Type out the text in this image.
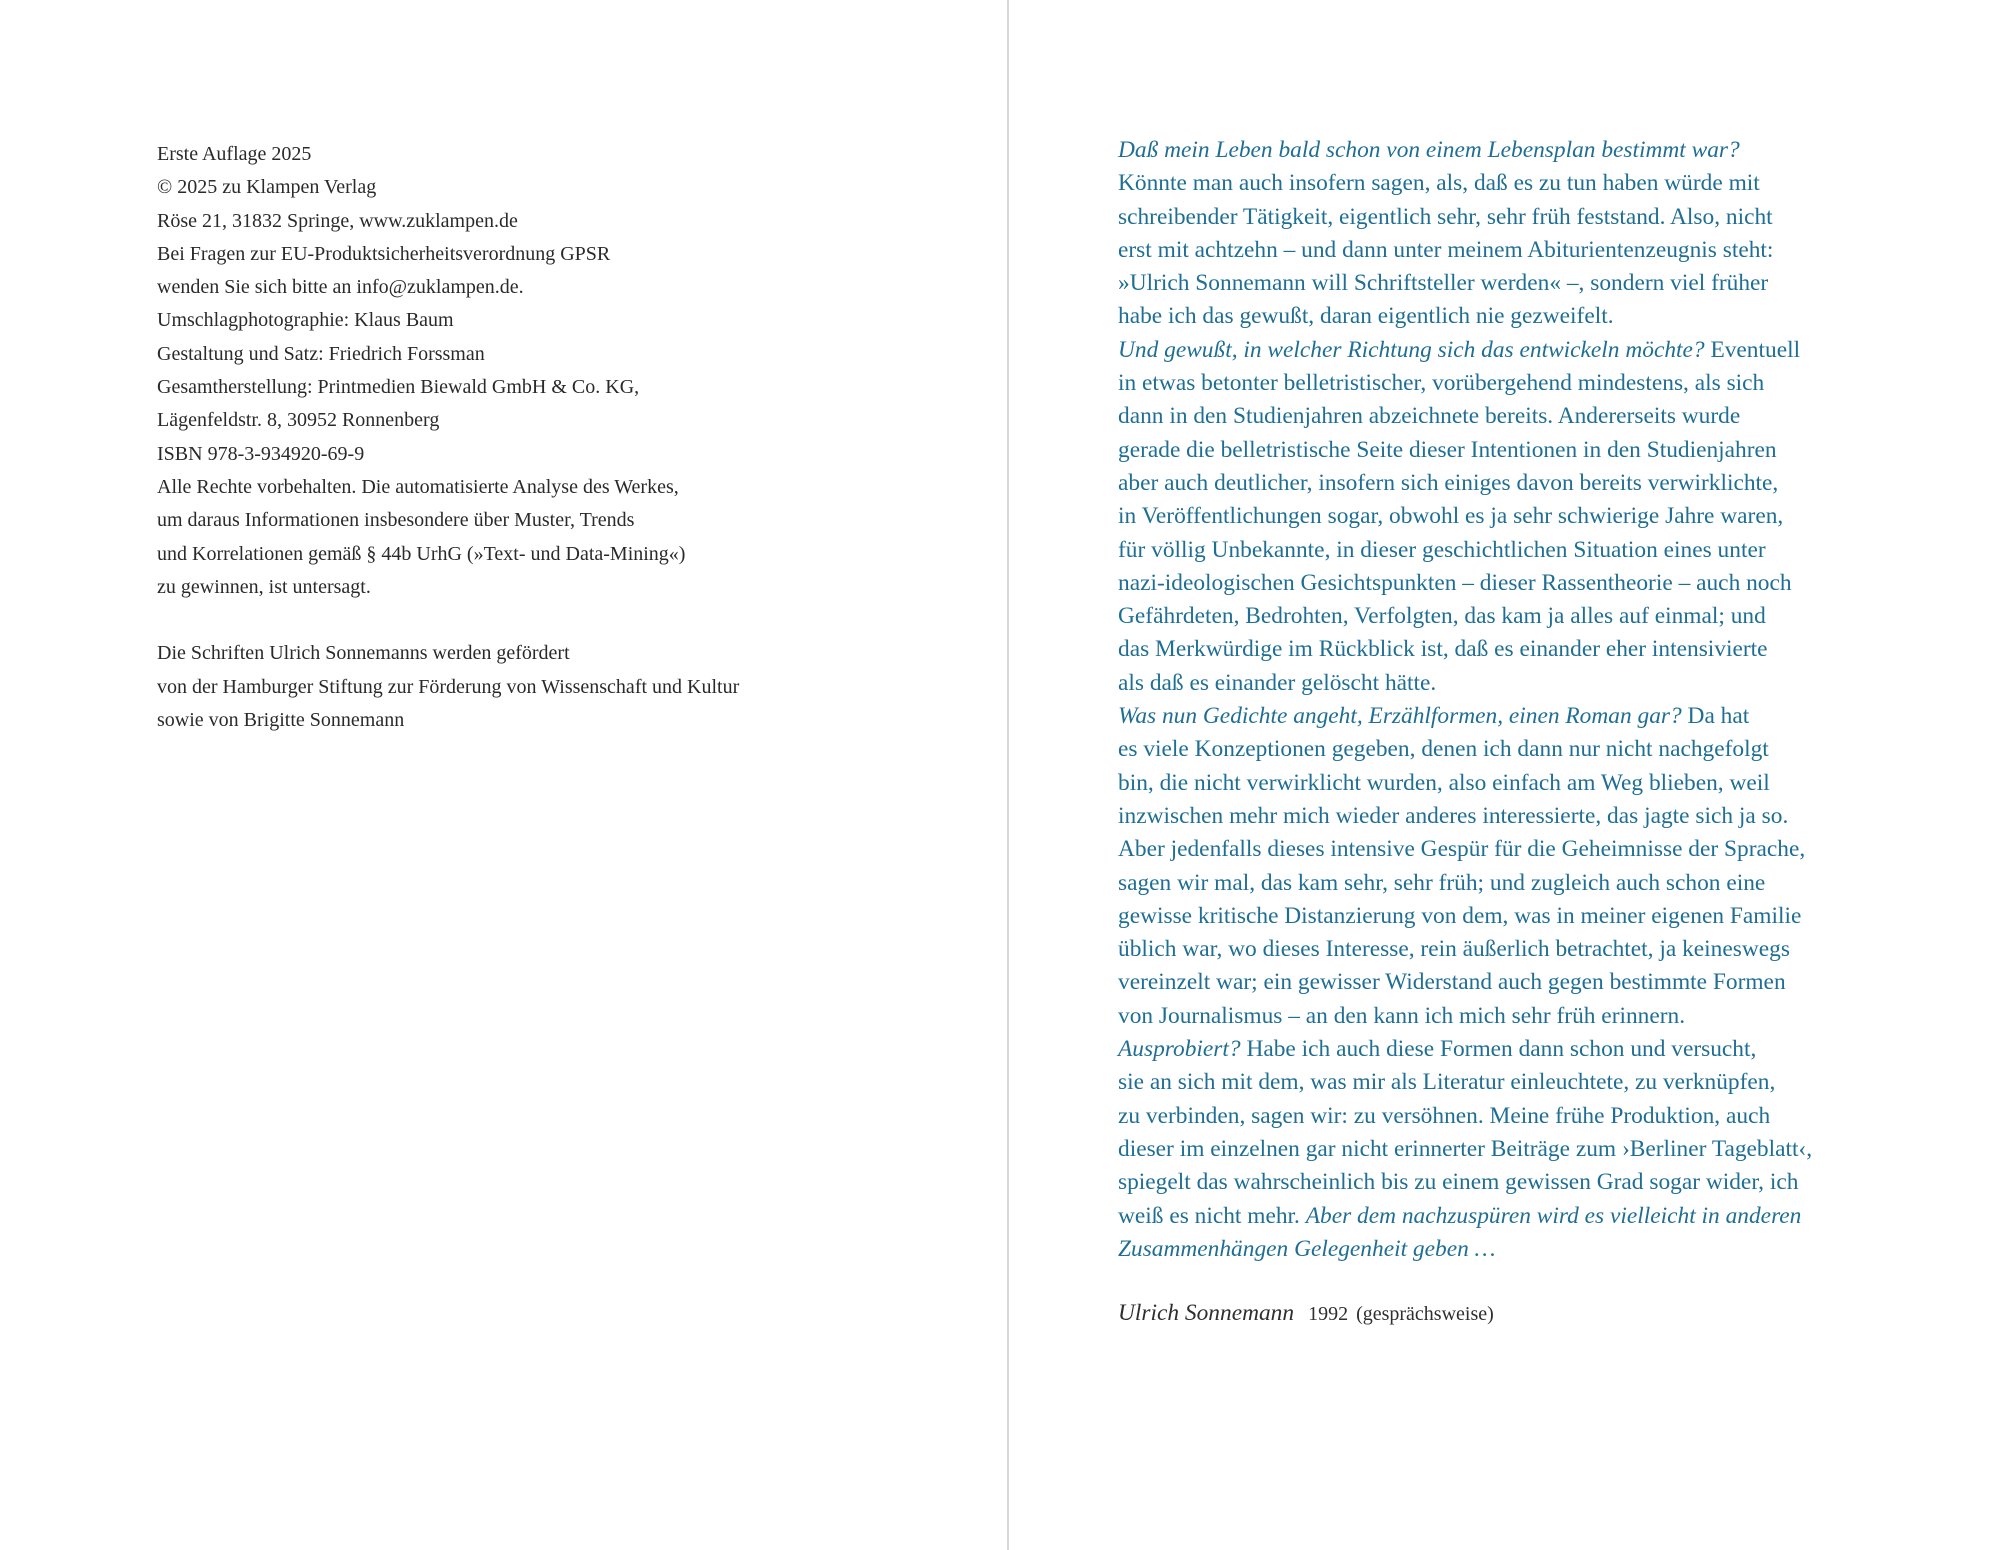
Erste Auflage 2025
© 2025 zu Klampen Verlag
Röse 21, 31832 Springe, www.zuklampen.de
Bei Fragen zur EU-Produktsicherheitsverordnung GPSR
wenden Sie sich bitte an info@zuklampen.de.
Umschlagphotographie: Klaus Baum
Gestaltung und Satz: Friedrich Forssman
Gesamtherstellung: Printmedien Biewald GmbH & Co. KG,
Lägenfeldstr. 8, 30952 Ronnenberg
ISBN 978-3-934920-69-9
Alle Rechte vorbehalten. Die automatisierte Analyse des Werkes,
um daraus Informationen insbesondere über Muster, Trends
und Korrelationen gemäß § 44b UrhG (»Text- und Data-Mining«)
zu gewinnen, ist untersagt.
Die Schriften Ulrich Sonnemanns werden gefördert
von der Hamburger Stiftung zur Förderung von Wissenschaft und Kultur
sowie von Brigitte Sonnemann
Daß mein Leben bald schon von einem Lebensplan bestimmt war?
Könnte man auch insofern sagen, als, daß es zu tun haben würde mit
schreibender Tätigkeit, eigentlich sehr, sehr früh feststand. Also, nicht
erst mit achtzehn – und dann unter meinem Abiturientenzeugnis steht:
»Ulrich Sonnemann will Schriftsteller werden« –, sondern viel früher
habe ich das gewußt, daran eigentlich nie gezweifelt.
Und gewußt, in welcher Richtung sich das entwickeln möchte? Eventuell
in etwas betonter belletristischer, vorübergehend mindestens, als sich
dann in den Studienjahren abzeichnete bereits. Andererseits wurde
gerade die belletristische Seite dieser Intentionen in den Studienjahren
aber auch deutlicher, insofern sich einiges davon bereits verwirklichte,
in Veröffentlichungen sogar, obwohl es ja sehr schwierige Jahre waren,
für völlig Unbekannte, in dieser geschichtlichen Situation eines unter
nazi-ideologischen Gesichtspunkten – dieser Rassentheorie – auch noch
Gefährdeten, Bedrohten, Verfolgten, das kam ja alles auf einmal; und
das Merkwürdige im Rückblick ist, daß es einander eher intensivierte
als daß es einander gelöscht hätte.
Was nun Gedichte angeht, Erzählformen, einen Roman gar? Da hat
es viele Konzeptionen gegeben, denen ich dann nur nicht nachgefolgt
bin, die nicht verwirklicht wurden, also einfach am Weg blieben, weil
inzwischen mehr mich wieder anderes interessierte, das jagte sich ja so.
Aber jedenfalls dieses intensive Gespür für die Geheimnisse der Sprache,
sagen wir mal, das kam sehr, sehr früh; und zugleich auch schon eine
gewisse kritische Distanzierung von dem, was in meiner eigenen Familie
üblich war, wo dieses Interesse, rein äußerlich betrachtet, ja keineswegs
vereinzelt war; ein gewisser Widerstand auch gegen bestimmte Formen
von Journalismus – an den kann ich mich sehr früh erinnern.
Ausprobiert? Habe ich auch diese Formen dann schon und versucht,
sie an sich mit dem, was mir als Literatur einleuchtete, zu verknüpfen,
zu verbinden, sagen wir: zu versöhnen. Meine frühe Produktion, auch
dieser im einzelnen gar nicht erinnerter Beiträge zum ›Berliner Tageblatt‹,
spiegelt das wahrscheinlich bis zu einem gewissen Grad sogar wider, ich
weiß es nicht mehr. Aber dem nachzuspüren wird es vielleicht in anderen
Zusammenhängen Gelegenheit geben …
Ulrich Sonnemann 1992 (gesprächsweise)
